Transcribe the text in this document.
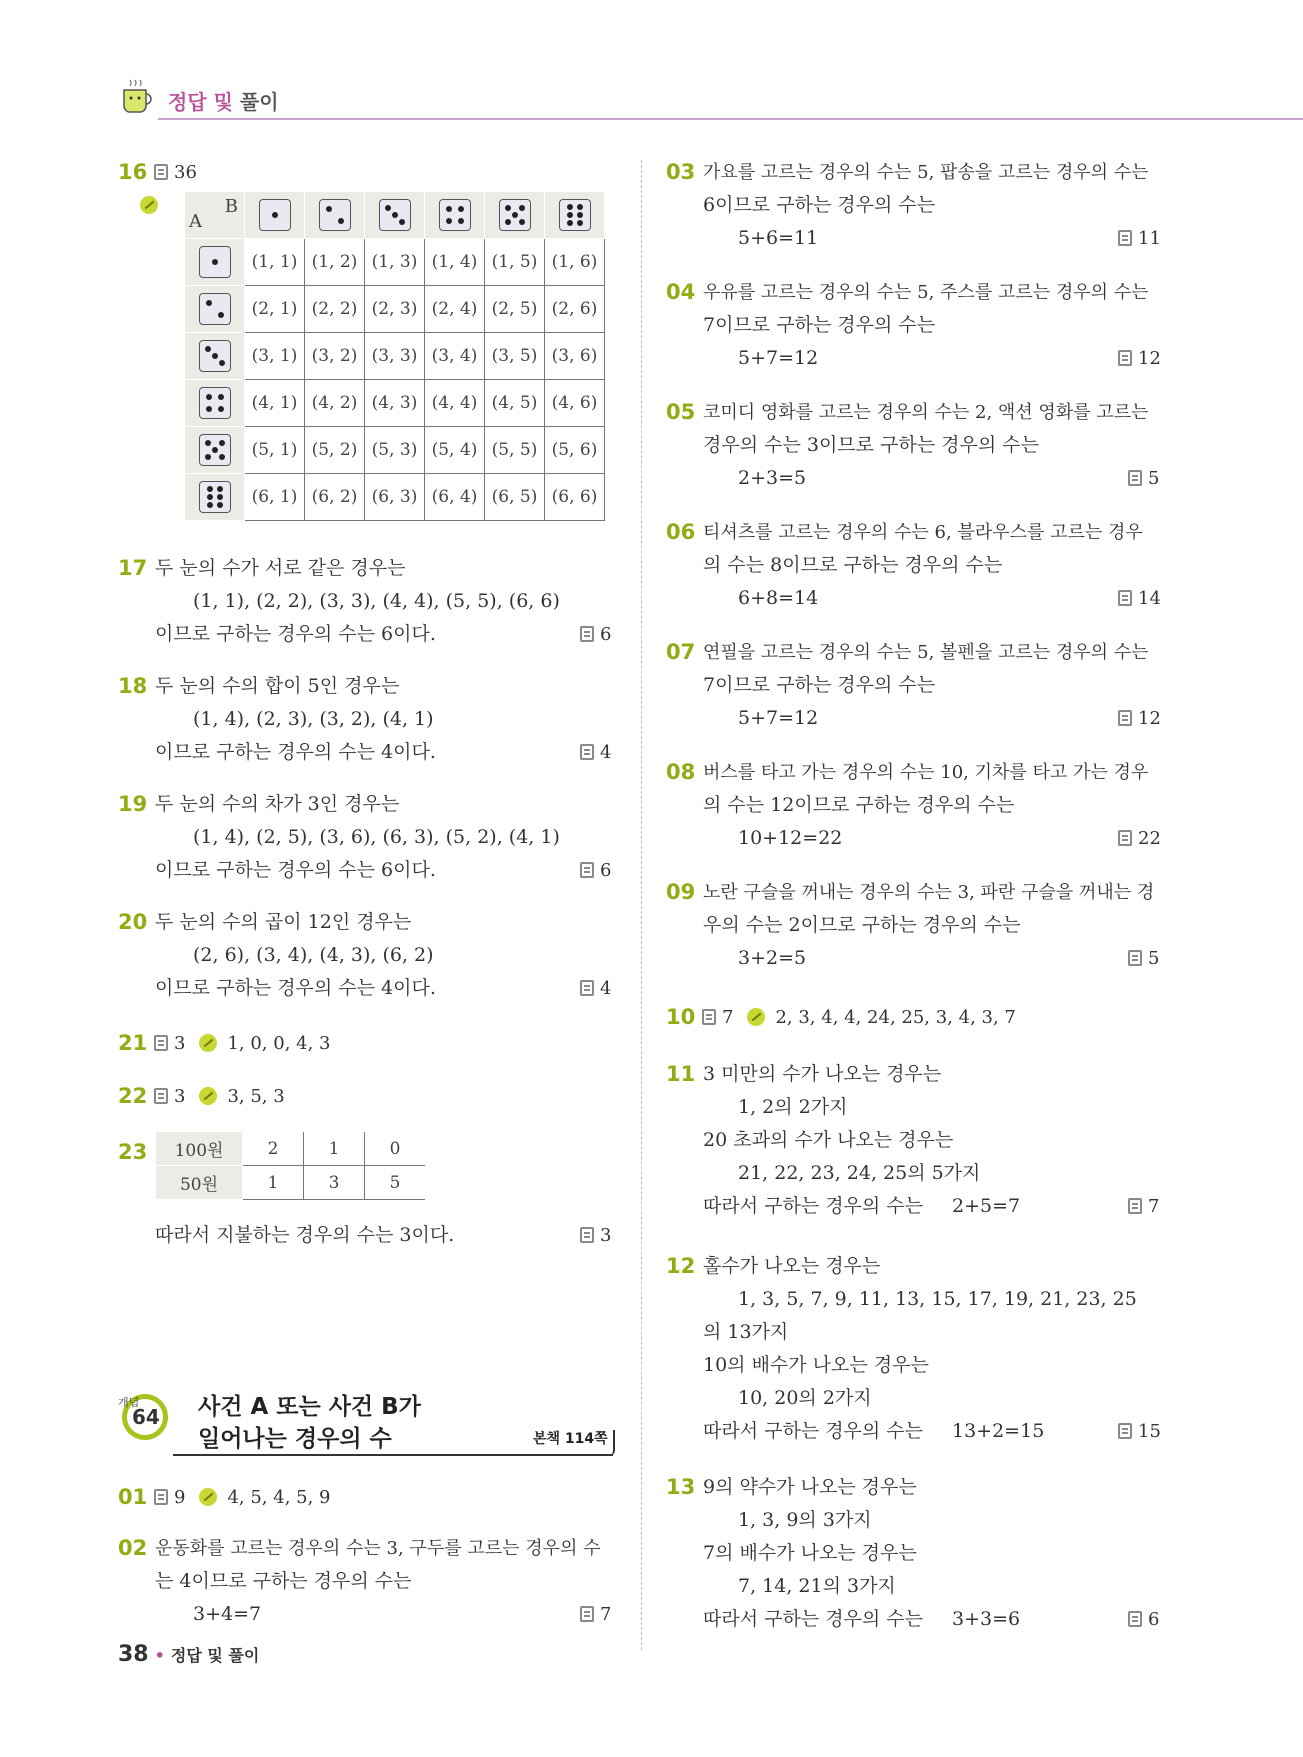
정답 및 풀이
16	36
A
B						

	(1, 1)	(1, 2)	(1, 3)	(1, 4)	(1, 5)	(1, 6)

	(2, 1)	(2, 2)	(2, 3)	(2, 4)	(2, 5)	(2, 6)

	(3, 1)	(3, 2)	(3, 3)	(3, 4)	(3, 5)	(3, 6)

	(4, 1)	(4, 2)	(4, 3)	(4, 4)	(4, 5)	(4, 6)

	(5, 1)	(5, 2)	(5, 3)	(5, 4)	(5, 5)	(5, 6)

	(6, 1)	(6, 2)	(6, 3)	(6, 4)	(6, 5)	(6, 6)
17 두 눈의 수가 서로 같은 경우는
(1, 1), (2, 2), (3, 3), (4, 4), (5, 5), (6, 6)
이므로 구하는 경우의 수는 6이다.	6
18 두 눈의 수의 합이 5인 경우는
(1, 4), (2, 3), (3, 2), (4, 1)
이므로 구하는 경우의 수는 4이다.	4
19 두 눈의 수의 차가 3인 경우는
(1, 4), (2, 5), (3, 6), (6, 3), (5, 2), (4, 1)
이므로 구하는 경우의 수는 6이다.	6
20 두 눈의 수의 곱이 12인 경우는
(2, 6), (3, 4), (4, 3), (6, 2)
이므로 구하는 경우의 수는 4이다.	4
21	3 1, 0, 0, 4, 3
22	3 3, 5, 3
23 100원	2	1	0
50원	1	3	5
따라서 지불하는 경우의 수는 3이다.	3
개념
64 사건 A 또는 사건 B가
일어나는 경우의 수	본책 114쪽
01	9 4, 5, 4, 5, 9
02 운동화를 고르는 경우의 수는 3, 구두를 고르는 경우의 수
는 4이므로 구하는 경우의 수는
3+4=7	7
03 가요를 고르는 경우의 수는 5, 팝송을 고르는 경우의 수는
6이므로 구하는 경우의 수는
5+6=11	11
04 우유를 고르는 경우의 수는 5, 주스를 고르는 경우의 수는
7이므로 구하는 경우의 수는
5+7=12	12
05 코미디 영화를 고르는 경우의 수는 2, 액션 영화를 고르는
경우의 수는 3이므로 구하는 경우의 수는
2+3=5	5
06 티셔츠를 고르는 경우의 수는 6, 블라우스를 고르는 경우
의 수는 8이므로 구하는 경우의 수는
6+8=14	14
07 연필을 고르는 경우의 수는 5, 볼펜을 고르는 경우의 수는
7이므로 구하는 경우의 수는
5+7=12	12
08 버스를 타고 가는 경우의 수는 10, 기차를 타고 가는 경우
의 수는 12이므로 구하는 경우의 수는
10+12=22	22
09 노란 구슬을 꺼내는 경우의 수는 3, 파란 구슬을 꺼내는 경
우의 수는 2이므로 구하는 경우의 수는
3+2=5	5
10	7 2, 3, 4, 4, 24, 25, 3, 4, 3, 7
11 3 미만의 수가 나오는 경우는
1, 2의 2가지
20 초과의 수가 나오는 경우는
21, 22, 23, 24, 25의 5가지
따라서 구하는 경우의 수는 2+5=7	7
12 홀수가 나오는 경우는
1, 3, 5, 7, 9, 11, 13, 15, 17, 19, 21, 23, 25
의 13가지
10의 배수가 나오는 경우는
10, 20의 2가지
따라서 구하는 경우의 수는 13+2=15	15
13 9의 약수가 나오는 경우는
1, 3, 9의 3가지
7의 배수가 나오는 경우는
7, 14, 21의 3가지
따라서 구하는 경우의 수는 3+3=6	6
38 • 정답 및 풀이
